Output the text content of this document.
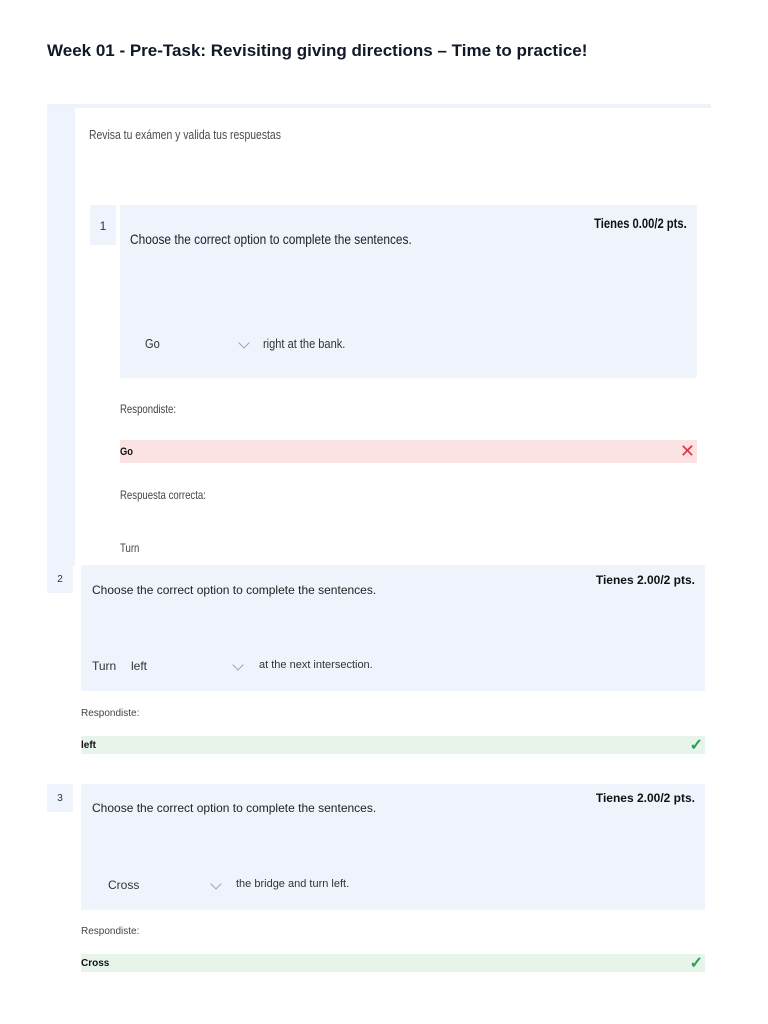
Week 01 - Pre-Task: Revisiting giving directions – Time to practice!
Revisa tu exámen y valida tus respuestas
1
Choose the correct option to complete the sentences.
Tienes 0.00/2 pts.
Go	right at the bank.
Respondiste:
Go	✕
Respuesta correcta:
Turn
2
Choose the correct option to complete the sentences.
Tienes 2.00/2 pts.
Turn left	at the next intersection.
Respondiste:
left	✓
3
Choose the correct option to complete the sentences.
Tienes 2.00/2 pts.
Cross	the bridge and turn left.
Respondiste:
Cross	✓
